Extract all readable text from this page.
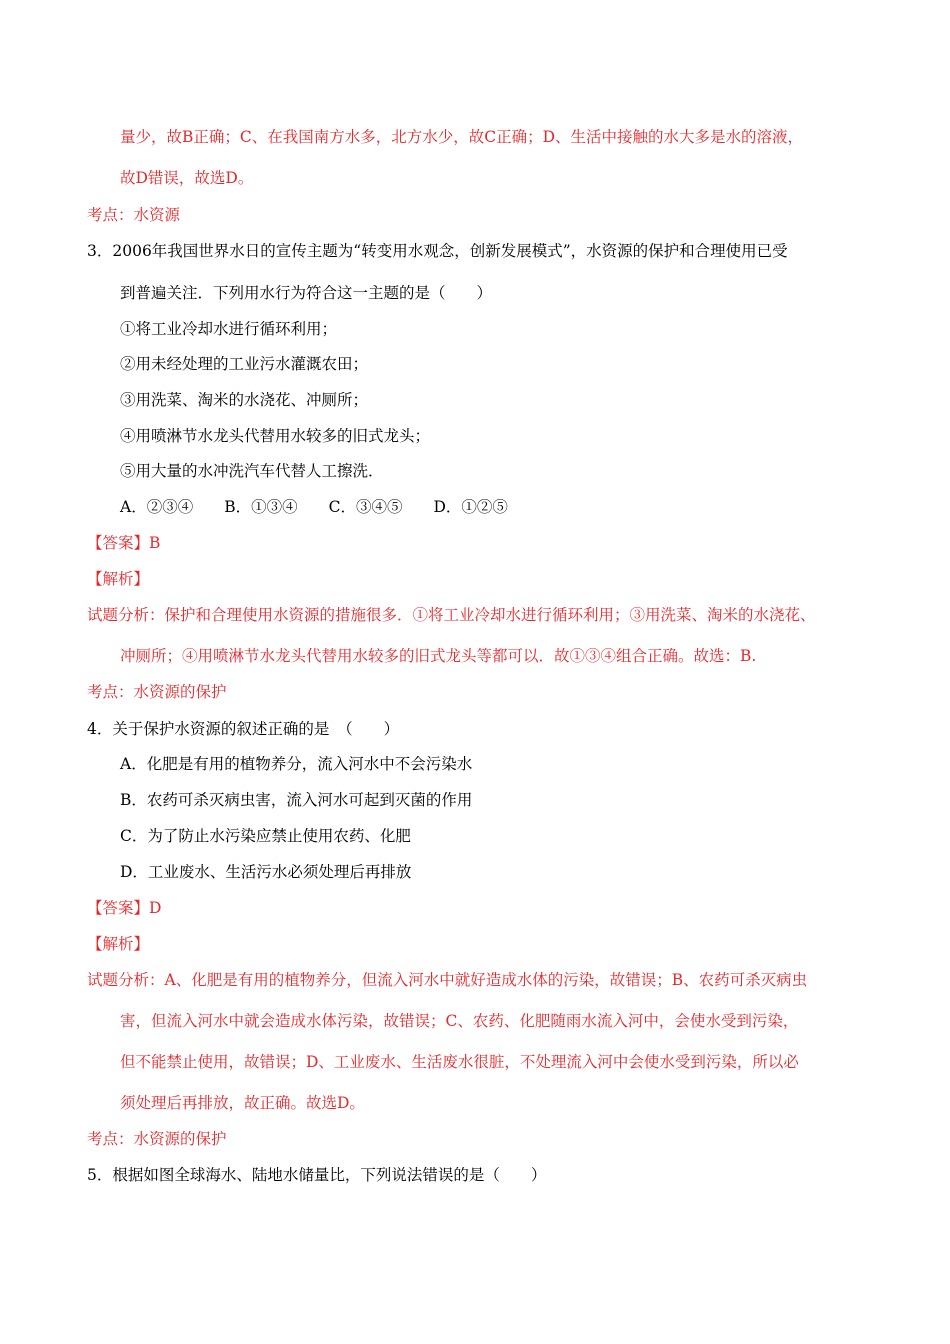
量少，故B正确；C、在我国南方水多，北方水少，故C正确；D、生活中接触的水大多是水的溶液，
故D错误，故选D。
考点：水资源
3．2006年我国世界水日的宣传主题为“转变用水观念，创新发展模式”，水资源的保护和合理使用已受
到普遍关注．下列用水行为符合这一主题的是（　　）
①将工业冷却水进行循环利用；
②用未经处理的工业污水灌溉农田；
③用洗菜、淘米的水浇花、冲厕所；
④用喷淋节水龙头代替用水较多的旧式龙头；
⑤用大量的水冲洗汽车代替人工擦洗．
A．②③④　　B．①③④　　C．③④⑤　　D．①②⑤
【答案】B
【解析】
试题分析：保护和合理使用水资源的措施很多．①将工业冷却水进行循环利用；③用洗菜、淘米的水浇花、
冲厕所；④用喷淋节水龙头代替用水较多的旧式龙头等都可以．故①③④组合正确。故选：B.
考点：水资源的保护
4．关于保护水资源的叙述正确的是　（　　）
A．化肥是有用的植物养分，流入河水中不会污染水
B．农药可杀灭病虫害，流入河水可起到灭菌的作用
C．为了防止水污染应禁止使用农药、化肥
D．工业废水、生活污水必须处理后再排放
【答案】D
【解析】
试题分析：A、化肥是有用的植物养分，但流入河水中就好造成水体的污染，故错误；B、农药可杀灭病虫
害，但流入河水中就会造成水体污染，故错误；C、农药、化肥随雨水流入河中，会使水受到污染，
但不能禁止使用，故错误；D、工业废水、生活废水很脏，不处理流入河中会使水受到污染，所以必
须处理后再排放，故正确。故选D。
考点：水资源的保护
5．根据如图全球海水、陆地水储量比，下列说法错误的是（　　）
